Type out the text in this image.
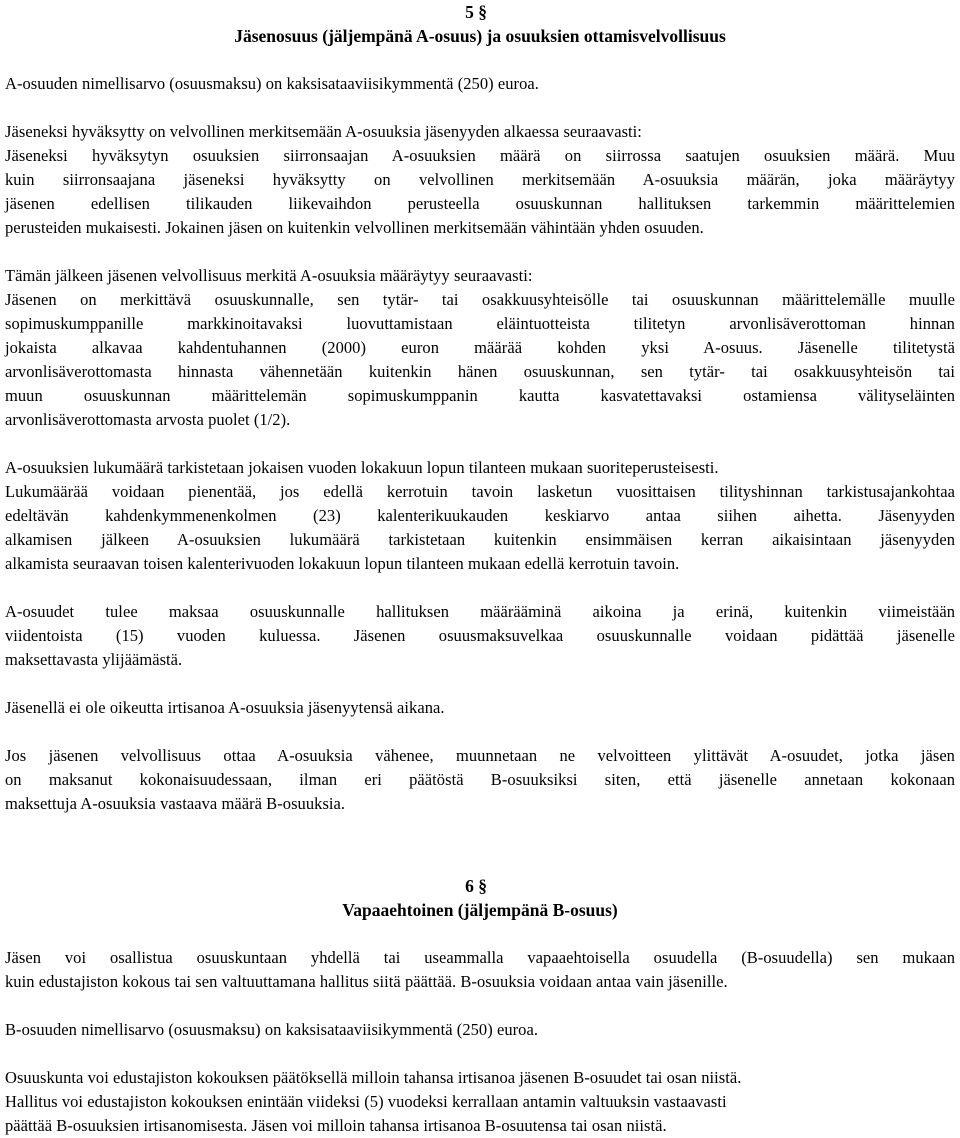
5 §
Jäsenosuus (jäljempänä A-osuus) ja osuuksien ottamisvelvollisuus

A-osuuden nimellisarvo (osuusmaksu) on kaksisataaviisikymmentä (250) euroa.

Jäseneksi hyväksytty on velvollinen merkitsemään A-osuuksia jäsenyyden alkaessa seuraavasti:
Jäseneksi hyväksytyn osuuksien siirronsaajan A-osuuksien määrä on siirrossa saatujen osuuksien määrä. Muu
kuin siirronsaajana jäseneksi hyväksytty on velvollinen merkitsemään A-osuuksia määrän, joka määräytyy
jäsenen edellisen tilikauden liikevaihdon perusteella osuuskunnan hallituksen tarkemmin määrittelemien
perusteiden mukaisesti. Jokainen jäsen on kuitenkin velvollinen merkitsemään vähintään yhden osuuden.

Tämän jälkeen jäsenen velvollisuus merkitä A-osuuksia määräytyy seuraavasti:
Jäsenen on merkittävä osuuskunnalle, sen tytär- tai osakkuusyhteisölle tai osuuskunnan määrittelemälle muulle
sopimuskumppanille markkinoitavaksi luovuttamistaan eläintuotteista tilitetyn arvonlisäverottoman hinnan
jokaista alkavaa kahdentuhannen (2000) euron määrää kohden yksi A-osuus. Jäsenelle tilitetystä
arvonlisäverottomasta hinnasta vähennetään kuitenkin hänen osuuskunnan, sen tytär- tai osakkuusyhteisön tai
muun osuuskunnan määrittelemän sopimuskumppanin kautta kasvatettavaksi ostamiensa välityseläinten
arvonlisäverottomasta arvosta puolet (1/2).

A-osuuksien lukumäärä tarkistetaan jokaisen vuoden lokakuun lopun tilanteen mukaan suoriteperusteisesti.
Lukumäärää voidaan pienentää, jos edellä kerrotuin tavoin lasketun vuosittaisen tilityshinnan tarkistusajankohtaa
edeltävän kahdenkymmenenkolmen (23) kalenterikuukauden keskiarvo antaa siihen aihetta. Jäsenyyden
alkamisen jälkeen A-osuuksien lukumäärä tarkistetaan kuitenkin ensimmäisen kerran aikaisintaan jäsenyyden
alkamista seuraavan toisen kalenterivuoden lokakuun lopun tilanteen mukaan edellä kerrotuin tavoin.

A-osuudet tulee maksaa osuuskunnalle hallituksen määrääminä aikoina ja erinä, kuitenkin viimeistään
viidentoista (15) vuoden kuluessa. Jäsenen osuusmaksuvelkaa osuuskunnalle voidaan pidättää jäsenelle
maksettavasta ylijäämästä.

Jäsenellä ei ole oikeutta irtisanoa A-osuuksia jäsenyytensä aikana.

Jos jäsenen velvollisuus ottaa A-osuuksia vähenee, muunnetaan ne velvoitteen ylittävät A-osuudet, jotka jäsen
on maksanut kokonaisuudessaan, ilman eri päätöstä B-osuuksiksi siten, että jäsenelle annetaan kokonaan
maksettuja A-osuuksia vastaava määrä B-osuuksia.

6 §
Vapaaehtoinen (jäljempänä B-osuus)

Jäsen voi osallistua osuuskuntaan yhdellä tai useammalla vapaaehtoisella osuudella (B-osuudella) sen mukaan
kuin edustajiston kokous tai sen valtuuttamana hallitus siitä päättää. B-osuuksia voidaan antaa vain jäsenille.

B-osuuden nimellisarvo (osuusmaksu) on kaksisataaviisikymmentä (250) euroa.

Osuuskunta voi edustajiston kokouksen päätöksellä milloin tahansa irtisanoa jäsenen B-osuudet tai osan niistä.
Hallitus voi edustajiston kokouksen enintään viideksi (5) vuodeksi kerrallaan antamin valtuuksin vastaavasti
päättää B-osuuksien irtisanomisesta. Jäsen voi milloin tahansa irtisanoa B-osuutensa tai osan niistä.
